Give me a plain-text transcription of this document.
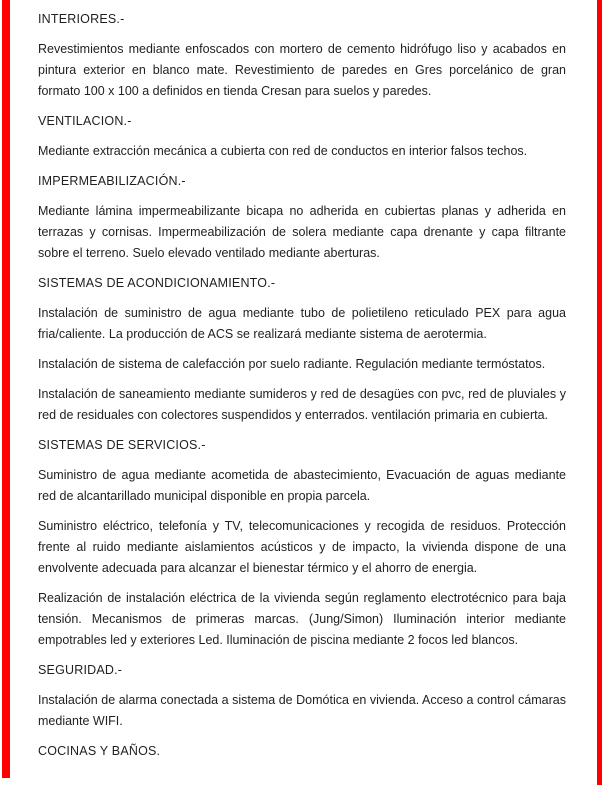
INTERIORES.-

Revestimientos mediante enfoscados con mortero de cemento hidrófugo liso y acabados en pintura exterior en blanco mate. Revestimiento de paredes en Gres porcelánico de gran formato 100 x 100 a definidos en tienda Cresan para suelos y paredes.

VENTILACION.-

Mediante extracción mecánica a cubierta con red de conductos en interior falsos techos.

IMPERMEABILIZACIÓN.-

Mediante lámina impermeabilizante bicapa no adherida en cubiertas planas y adherida en terrazas y cornisas. Impermeabilización de solera mediante capa drenante y capa filtrante sobre el terreno. Suelo elevado ventilado mediante aberturas.

SISTEMAS DE ACONDICIONAMIENTO.-

Instalación de suministro de agua mediante tubo de polietileno reticulado PEX para agua fria/caliente. La producción de ACS se realizará mediante sistema de aerotermia.

Instalación de sistema de calefacción por suelo radiante. Regulación mediante termóstatos.

Instalación de saneamiento mediante sumideros y red de desagües con pvc, red de pluviales y red de residuales con colectores suspendidos y enterrados. ventilación primaria en cubierta.

SISTEMAS DE SERVICIOS.-

Suministro de agua mediante acometida de abastecimiento, Evacuación de aguas mediante red de alcantarillado municipal disponible en propia parcela.

Suministro eléctrico, telefonía y TV, telecomunicaciones y recogida de residuos. Protección frente al ruido mediante aislamientos acústicos y de impacto, la vivienda dispone de una envolvente adecuada para alcanzar el bienestar térmico y el ahorro de energia.

Realización de instalación eléctrica de la vivienda según reglamento electrotécnico para baja tensión. Mecanismos de primeras marcas. (Jung/Simon) Iluminación interior mediante empotrables led y exteriores Led. Iluminación de piscina mediante 2 focos led blancos.

SEGURIDAD.-

Instalación de alarma conectada a sistema de Domótica en vivienda. Acceso a control cámaras mediante WIFI.

COCINAS Y BAÑOS.
